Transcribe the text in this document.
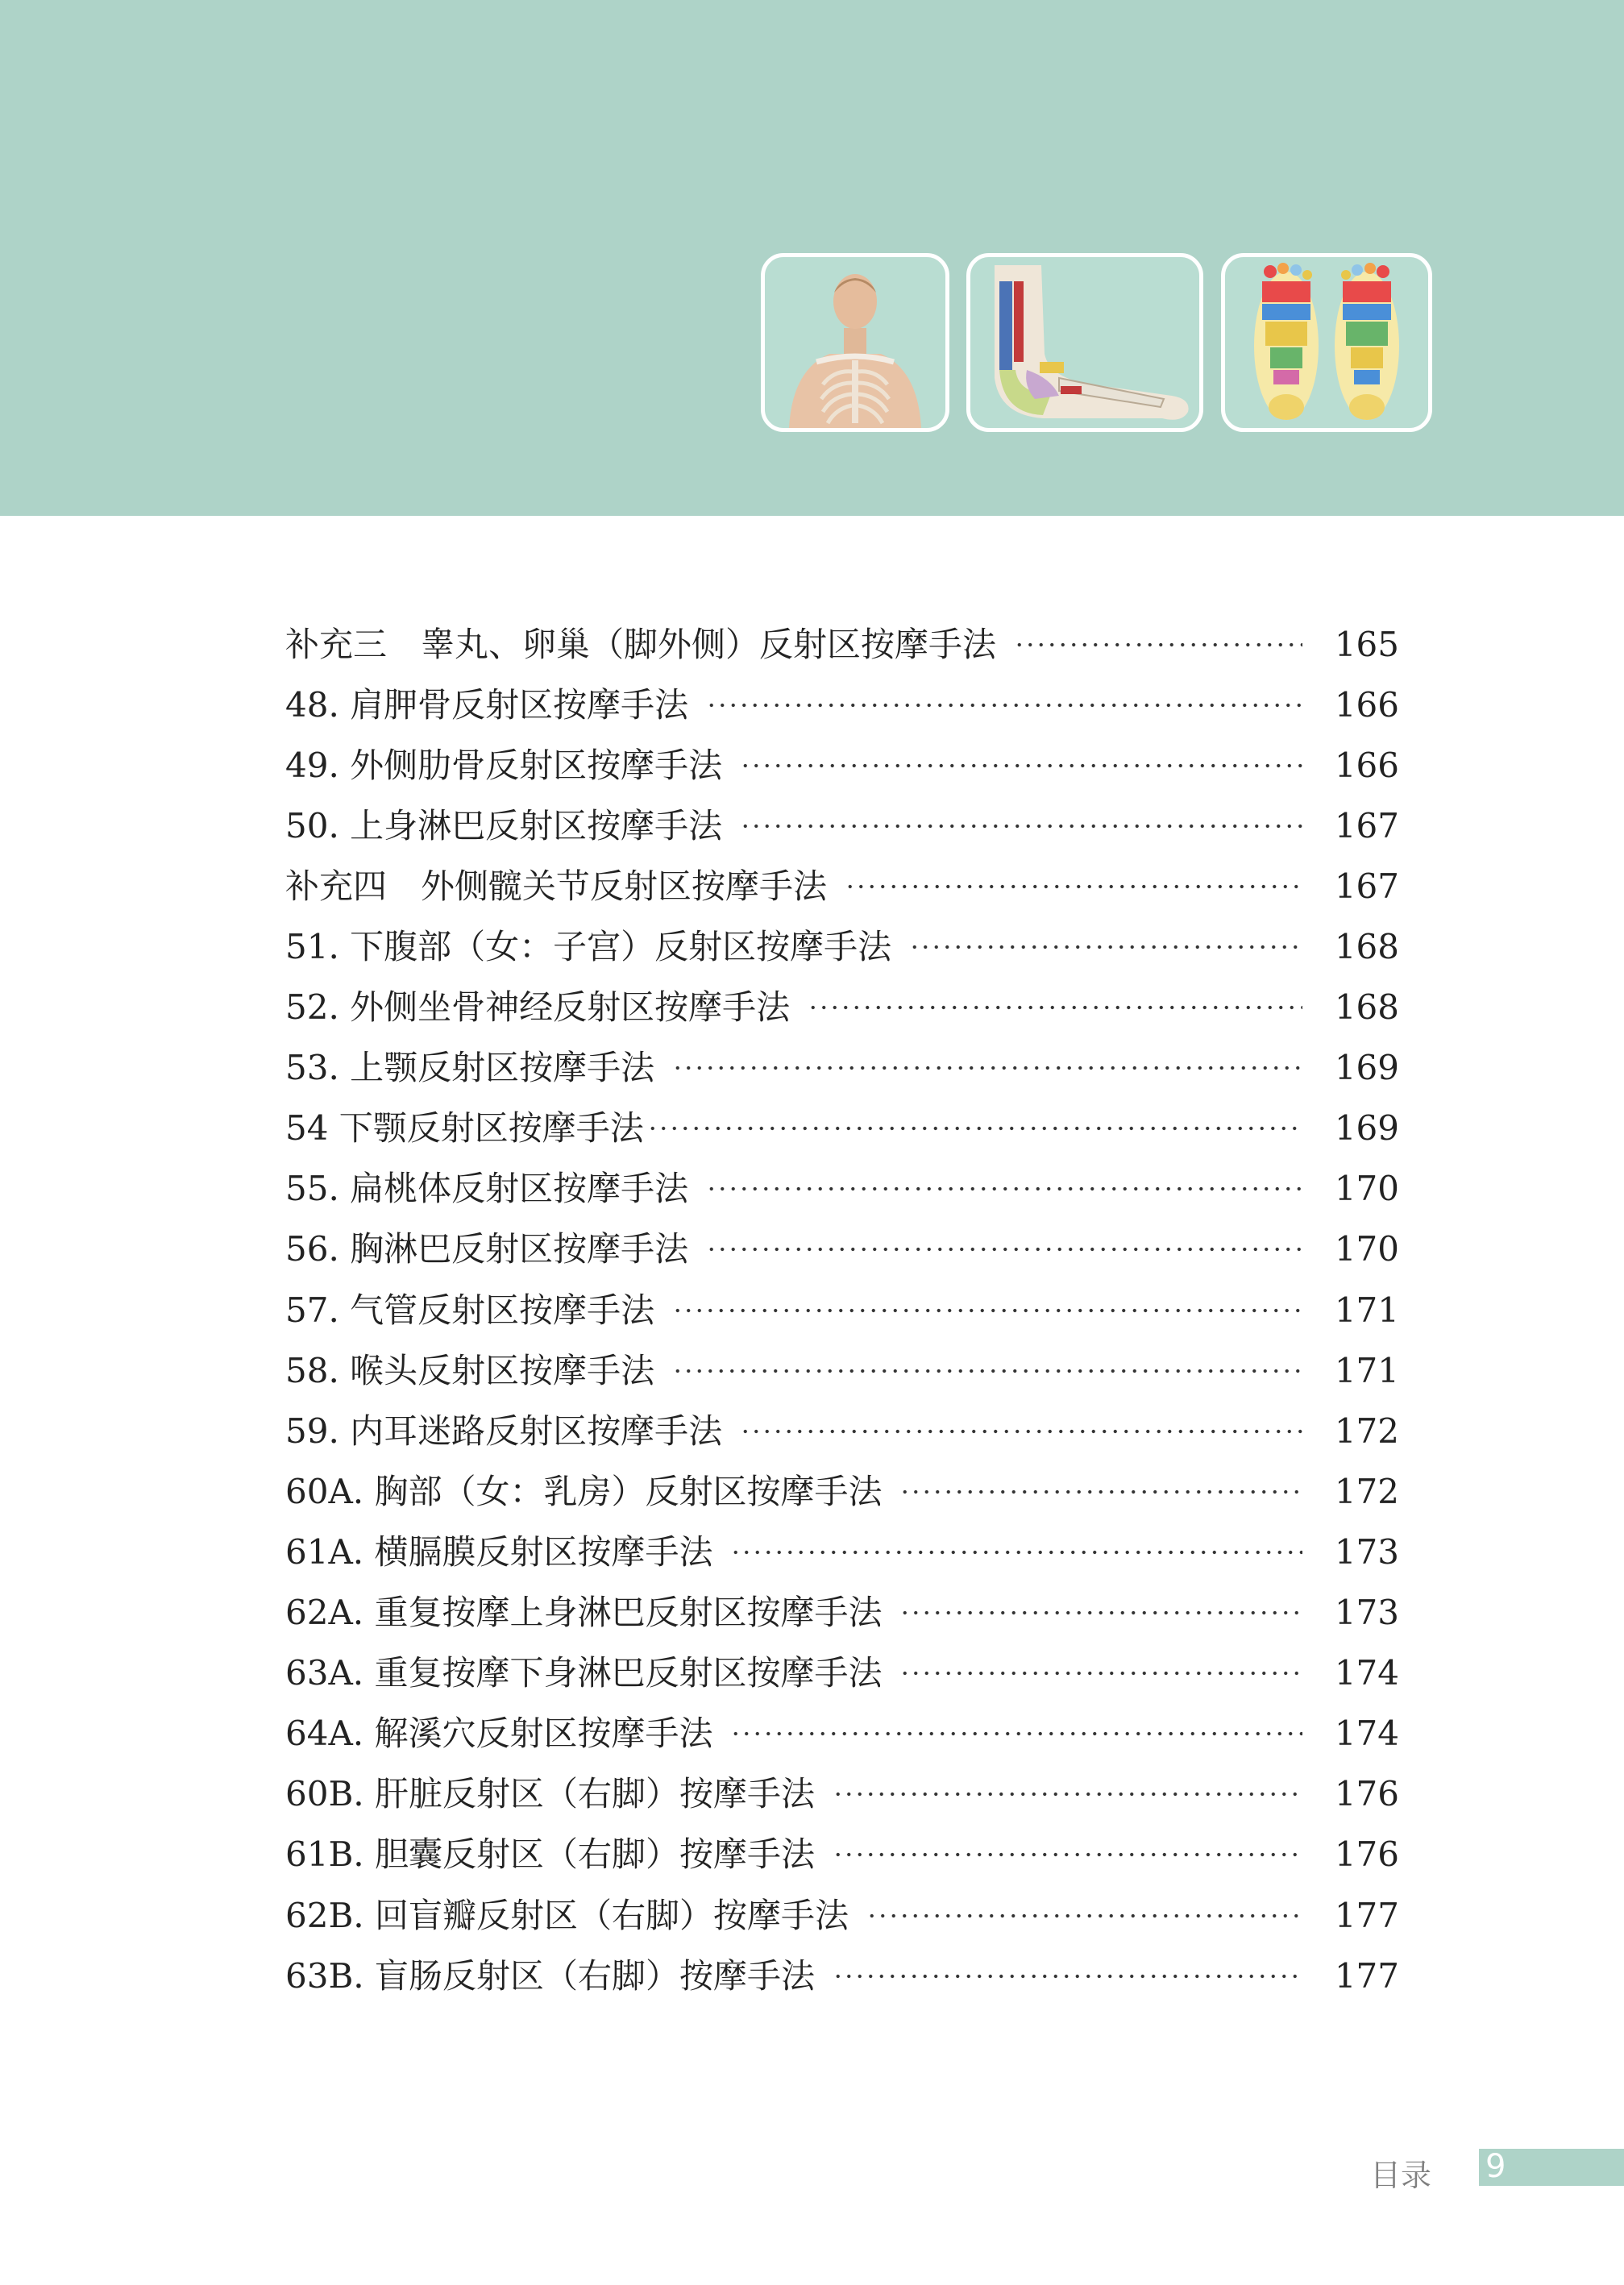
补充三　睾丸、卵巢（脚外侧）反射区按摩手法	165
48. 肩胛骨反射区按摩手法	166
49. 外侧肋骨反射区按摩手法	166
50. 上身淋巴反射区按摩手法	167
补充四　外侧髋关节反射区按摩手法	167
51. 下腹部（女：子宫）反射区按摩手法	168
52. 外侧坐骨神经反射区按摩手法	168
53. 上颚反射区按摩手法	169
54 下颚反射区按摩手法	169
55. 扁桃体反射区按摩手法	170
56. 胸淋巴反射区按摩手法	170
57. 气管反射区按摩手法	171
58. 喉头反射区按摩手法	171
59. 内耳迷路反射区按摩手法	172
60A. 胸部（女：乳房）反射区按摩手法	172
61A. 横膈膜反射区按摩手法	173
62A. 重复按摩上身淋巴反射区按摩手法	173
63A. 重复按摩下身淋巴反射区按摩手法	174
64A. 解溪穴反射区按摩手法	174
60B. 肝脏反射区（右脚）按摩手法	176
61B. 胆囊反射区（右脚）按摩手法	176
62B. 回盲瓣反射区（右脚）按摩手法	177
63B. 盲肠反射区（右脚）按摩手法	177
目录 9
